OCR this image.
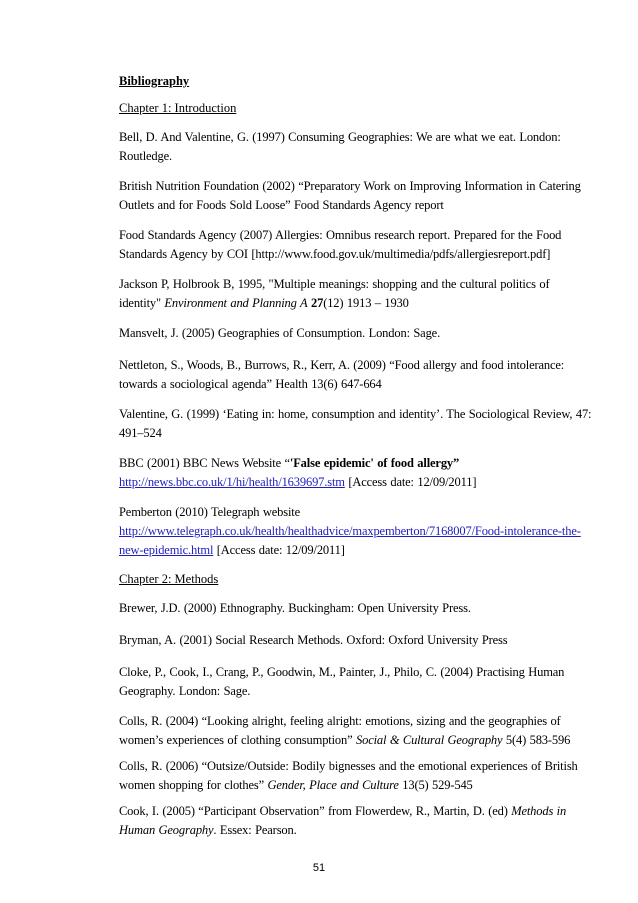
Bibliography
Chapter 1: Introduction

Bell, D. And Valentine, G. (1997) Consuming Geographies: We are what we eat. London: Routledge.

British Nutrition Foundation (2002) “Preparatory Work on Improving Information in Catering Outlets and for Foods Sold Loose” Food Standards Agency report

Food Standards Agency (2007) Allergies: Omnibus research report. Prepared for the Food Standards Agency by COI [http://www.food.gov.uk/multimedia/pdfs/allergiesreport.pdf]

Jackson P, Holbrook B, 1995, "Multiple meanings: shopping and the cultural politics of identity" Environment and Planning A 27(12) 1913 – 1930

Mansvelt, J. (2005) Geographies of Consumption. London: Sage.

Nettleton, S., Woods, B., Burrows, R., Kerr, A. (2009) “Food allergy and food intolerance: towards a sociological agenda” Health 13(6) 647-664

Valentine, G. (1999) ‘Eating in: home, consumption and identity’. The Sociological Review, 47: 491–524

BBC (2001) BBC News Website “'False epidemic' of food allergy”
http://news.bbc.co.uk/1/hi/health/1639697.stm [Access date: 12/09/2011]

Pemberton (2010) Telegraph website
http://www.telegraph.co.uk/health/healthadvice/maxpemberton/7168007/Food-intolerance-the-new-epidemic.html [Access date: 12/09/2011]

Chapter 2: Methods

Brewer, J.D. (2000) Ethnography. Buckingham: Open University Press.

Bryman, A. (2001) Social Research Methods. Oxford: Oxford University Press

Cloke, P., Cook, I., Crang, P., Goodwin, M., Painter, J., Philo, C. (2004) Practising Human Geography. London: Sage.

Colls, R. (2004) “Looking alright, feeling alright: emotions, sizing and the geographies of women’s experiences of clothing consumption” Social & Cultural Geography 5(4) 583-596

Colls, R. (2006) “Outsize/Outside: Bodily bignesses and the emotional experiences of British women shopping for clothes” Gender, Place and Culture 13(5) 529-545

Cook, I. (2005) “Participant Observation” from Flowerdew, R., Martin, D. (ed) Methods in Human Geography. Essex: Pearson.

51
